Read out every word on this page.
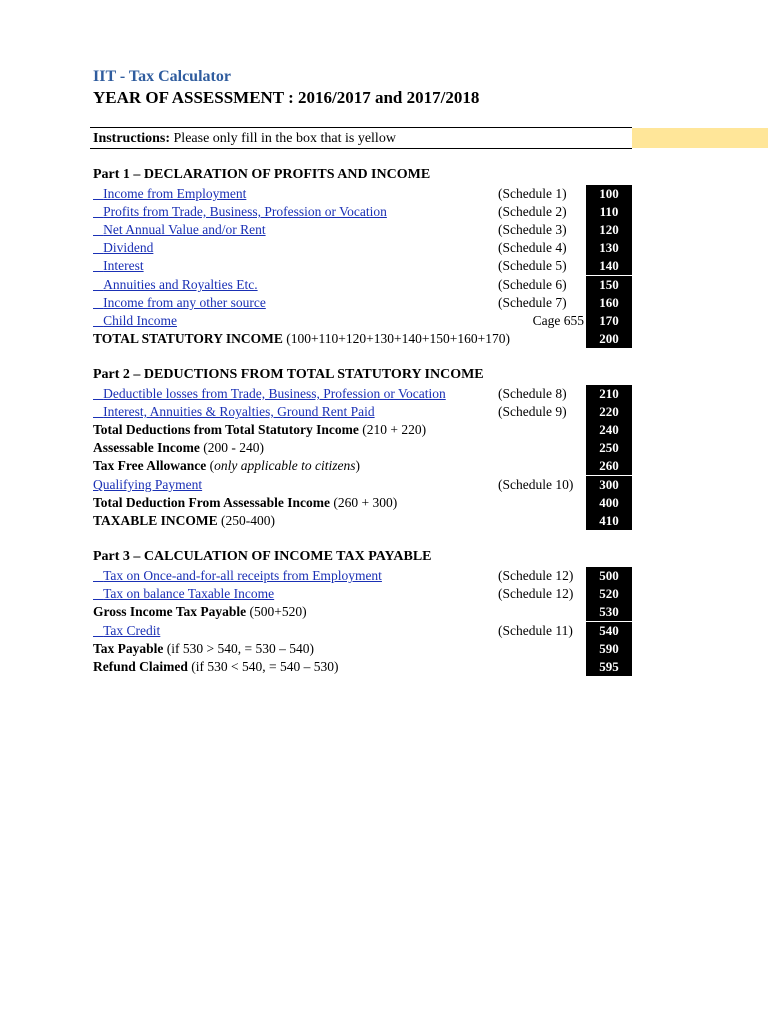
IIT - Tax Calculator
YEAR OF ASSESSMENT : 2016/2017 and 2017/2018
Instructions: Please only fill in the box that is yellow
Part 1 – DECLARATION OF PROFITS AND INCOME
Income from Employment	(Schedule 1)	100
Profits from Trade, Business, Profession or Vocation	(Schedule 2)	110
Net Annual Value and/or Rent	(Schedule 3)	120
Dividend	(Schedule 4)	130
Interest	(Schedule 5)	140
Annuities and Royalties Etc.	(Schedule 6)	150
Income from any other source	(Schedule 7)	160
Child Income	Cage 655	170
TOTAL STATUTORY INCOME (100+110+120+130+140+150+160+170)	200
Part 2 – DEDUCTIONS FROM TOTAL STATUTORY INCOME
Deductible losses from Trade, Business, Profession or Vocation	(Schedule 8)	210
Interest, Annuities & Royalties, Ground Rent Paid	(Schedule 9)	220
Total Deductions from Total Statutory Income (210 + 220)	240
Assessable Income (200 - 240)	250
Tax Free Allowance (only applicable to citizens)	260
Qualifying Payment	(Schedule 10)	300
Total Deduction From Assessable Income (260 + 300)	400
TAXABLE INCOME (250-400)	410
Part 3 – CALCULATION OF INCOME TAX PAYABLE
Tax on Once-and-for-all receipts from Employment	(Schedule 12)	500
Tax on balance Taxable Income	(Schedule 12)	520
Gross Income Tax Payable (500+520)	530
Tax Credit	(Schedule 11)	540
Tax Payable (if 530 > 540, = 530 – 540)	590
Refund Claimed (if 530 < 540, = 540 – 530)	595
